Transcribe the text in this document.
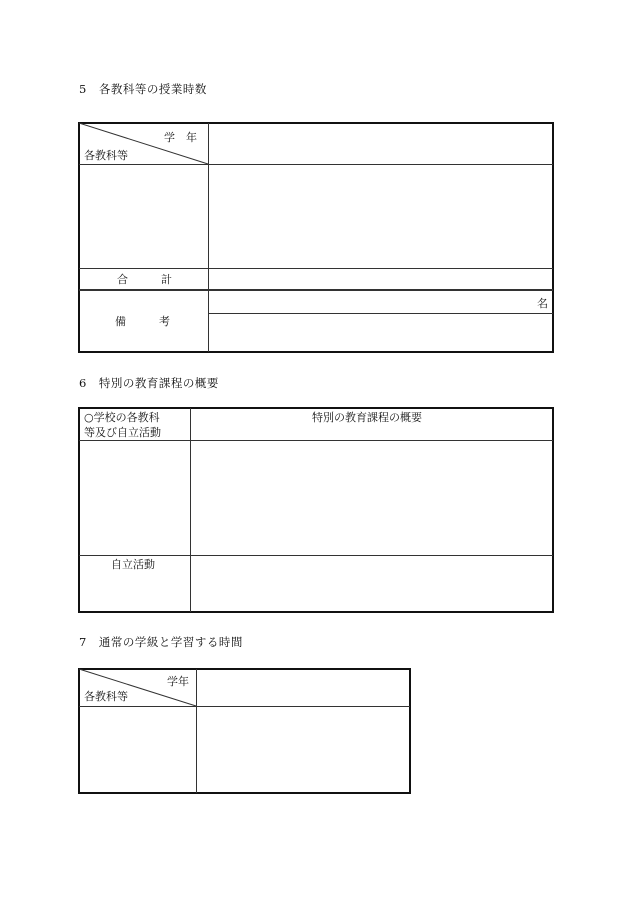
5　各教科等の授業時数
学　年
各教科等
合　　　計
備　　　考
名
6　特別の教育課程の概要
○学校の各教科
等及び自立活動
特別の教育課程の概要
自立活動
7　通常の学級と学習する時間
学年
各教科等
